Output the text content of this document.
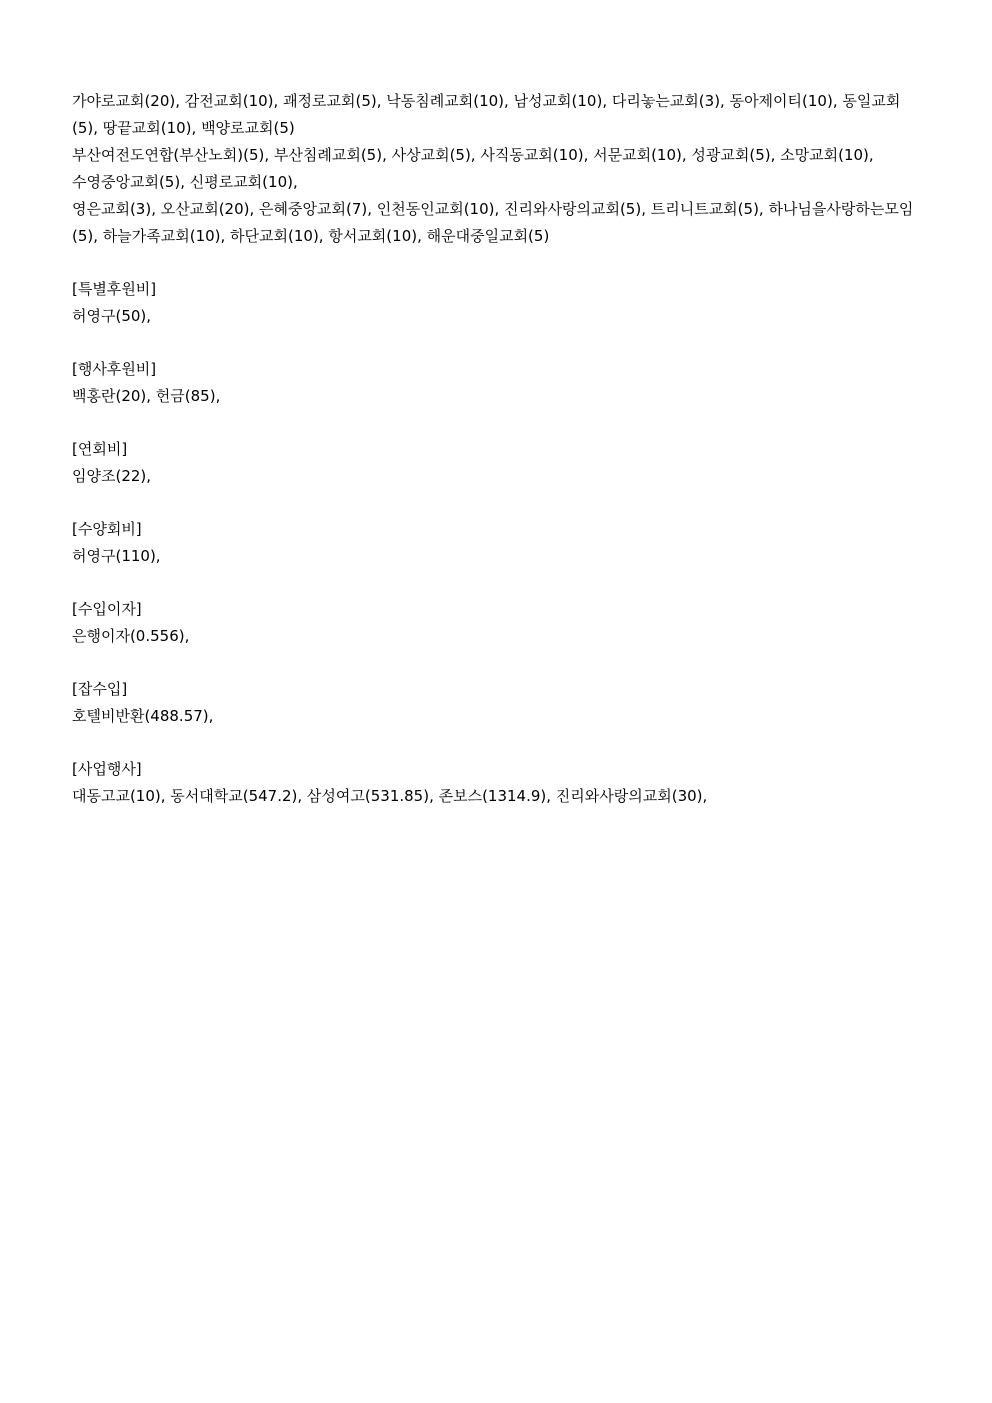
가야로교회(20), 감전교회(10), 괘정로교회(5), 낙동침례교회(10), 남성교회(10), 다리놓는교회(3), 동아제이티(10), 동일교회(5), 땅끝교회(10), 백양로교회(5)

부산여전도연합(부산노회)(5), 부산침례교회(5), 사상교회(5), 사직동교회(10), 서문교회(10), 성광교회(5), 소망교회(10), 수영중앙교회(5), 신평로교회(10),

영은교회(3), 오산교회(20), 은혜중앙교회(7), 인천동인교회(10), 진리와사랑의교회(5), 트리니트교회(5), 하나님을사랑하는모임(5), 하늘가족교회(10), 하단교회(10), 항서교회(10), 해운대중일교회(5)

[특별후원비]
허영구(50),
[행사후원비]
백홍란(20), 헌금(85),
[연회비]
임양조(22),
[수양회비]
허영구(110),
[수입이자]
은행이자(0.556),
[잡수입]
호텔비반환(488.57),
[사업행사]
대동고교(10), 동서대학교(547.2), 삼성여고(531.85), 존보스(1314.9), 진리와사랑의교회(30),
